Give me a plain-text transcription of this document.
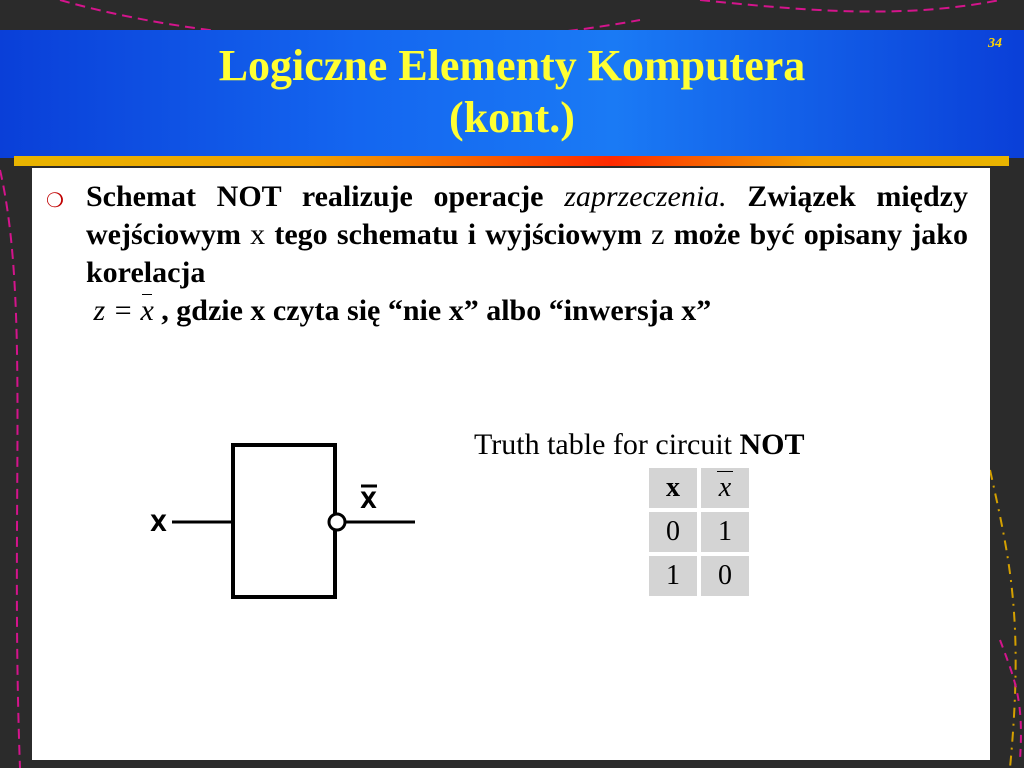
34
Logiczne Elementy Komputera
(kont.)
❍ Schemat NOT realizuje operacje zaprzeczenia. Związek między wejściowym x tego schematu i wyjściowym z może być opisany jako korelacja
z = x , gdzie x czyta się “nie x” albo “inwersja x”
X
X
Truth table for circuit NOT
x	x
0	1
1	0
